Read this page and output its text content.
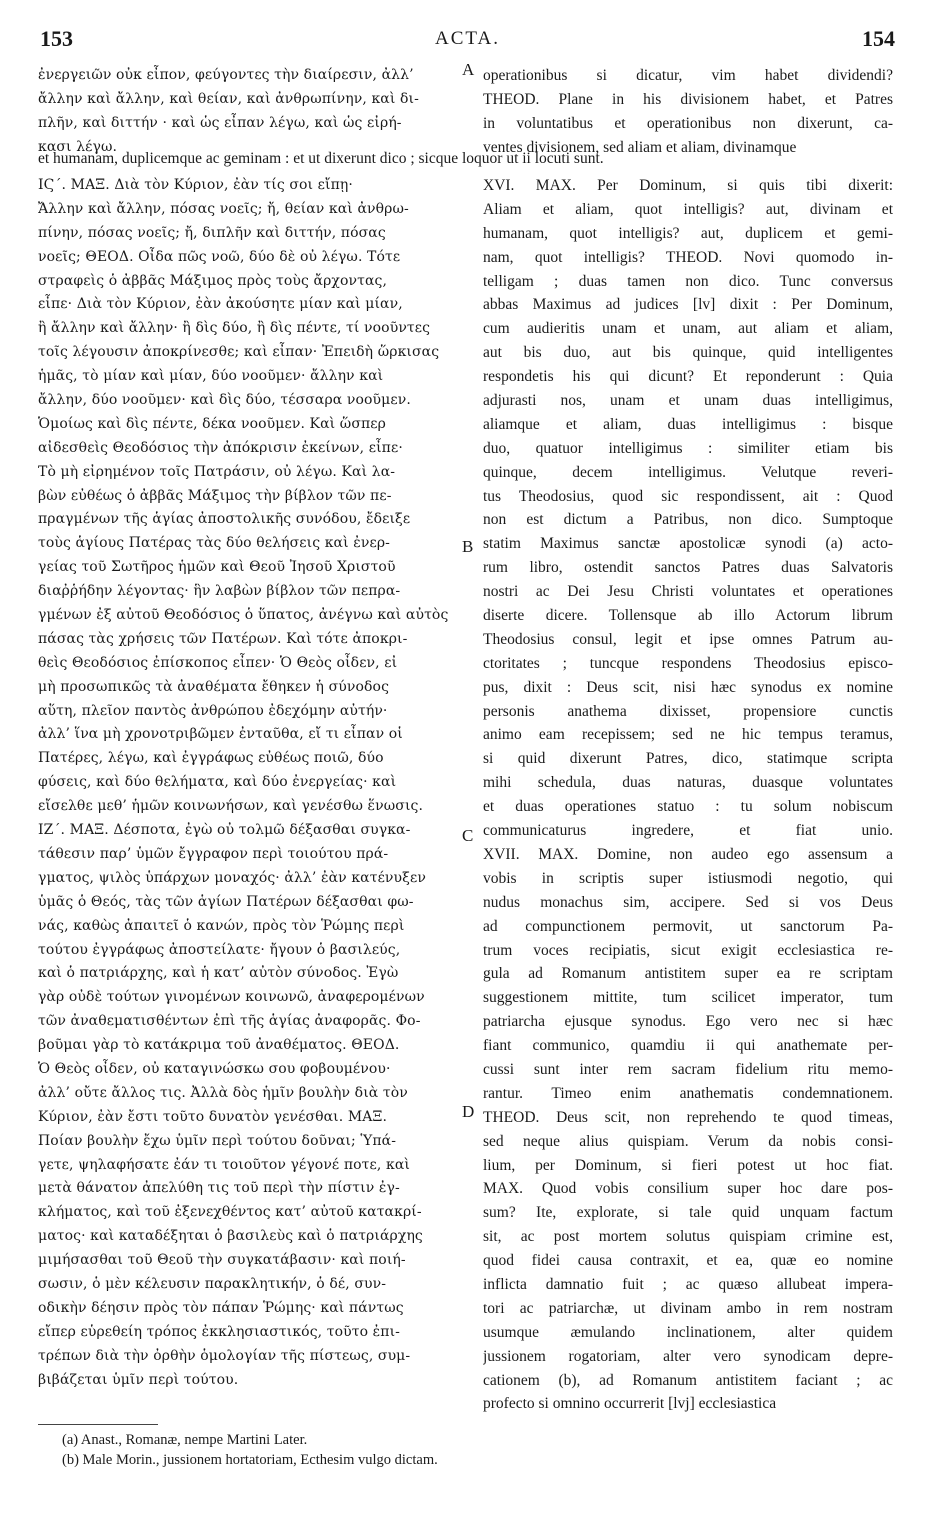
153	ACTA.	154
A
B
C
D
ἐνεργειῶν οὐκ εἶπον, φεύγοντες τὴν διαίρεσιν, ἀλλ’
ἄλλην καὶ ἄλλην, καὶ θείαν, καὶ ἀνθρωπίνην, καὶ δι-
πλῆν, καὶ διττήν · καὶ ὡς εἶπαν λέγω, καὶ ὡς εἰρή-
κασι λέγω.
operationibus si dicatur, vim habet dividendi?
THEOD. Plane in his divisionem habet, et Patres
in voluntatibus et operationibus non dixerunt, ca-
ventes divisionem, sed aliam et aliam, divinamque
et humanam, duplicemque ac geminam : et ut dixerunt dico ; sicque loquor ut ii locuti sunt.
ΙϚ΄. ΜΑΞ. Διὰ τὸν Κύριον, ἐὰν τίς σοι εἴπῃ·
Ἄλλην καὶ ἄλλην, πόσας νοεῖς; ἤ, θείαν καὶ ἀνθρω-
πίνην, πόσας νοεῖς; ἤ, διπλῆν καὶ διττήν, πόσας
νοεῖς; ΘΕΟΔ. Οἶδα πῶς νοῶ, δύο δὲ οὐ λέγω. Τότε
στραφεὶς ὁ ἀββᾶς Μάξιμος πρὸς τοὺς ἄρχοντας,
εἶπε· Διὰ τὸν Κύριον, ἐὰν ἀκούσητε μίαν καὶ μίαν,
ἢ ἄλλην καὶ ἄλλην· ἢ δὶς δύο, ἢ δὶς πέντε, τί νοοῦντες
τοῖς λέγουσιν ἀποκρίνεσθε; καὶ εἶπαν· Ἐπειδὴ ὥρκισας
ἡμᾶς, τὸ μίαν καὶ μίαν, δύο νοοῦμεν· ἄλλην καὶ
ἄλλην, δύο νοοῦμεν· καὶ δὶς δύο, τέσσαρα νοοῦμεν.
Ὁμοίως καὶ δὶς πέντε, δέκα νοοῦμεν. Καὶ ὥσπερ
αἰδεσθεὶς Θεοδόσιος τὴν ἀπόκρισιν ἐκείνων, εἶπε·
Τὸ μὴ εἰρημένον τοῖς Πατράσιν, οὐ λέγω. Καὶ λα-
βὼν εὐθέως ὁ ἀββᾶς Μάξιμος τὴν βίβλον τῶν πε-
πραγμένων τῆς ἁγίας ἀποστολικῆς συνόδου, ἔδειξε
τοὺς ἁγίους Πατέρας τὰς δύο θελήσεις καὶ ἐνερ-
γείας τοῦ Σωτῆρος ἡμῶν καὶ Θεοῦ Ἰησοῦ Χριστοῦ
διαῤῥήδην λέγοντας· ἣν λαβὼν βίβλον τῶν πεπρα-
γμένων ἐξ αὐτοῦ Θεοδόσιος ὁ ὕπατος, ἀνέγνω καὶ αὐτὸς
πάσας τὰς χρήσεις τῶν Πατέρων. Καὶ τότε ἀποκρι-
θεὶς Θεοδόσιος ἐπίσκοπος εἶπεν· Ὁ Θεὸς οἶδεν, εἰ
μὴ προσωπικῶς τὰ ἀναθέματα ἔθηκεν ἡ σύνοδος
αὕτη, πλεῖον παντὸς ἀνθρώπου ἐδεχόμην αὐτήν·
ἀλλ’ ἵνα μὴ χρονοτριβῶμεν ἐνταῦθα, εἴ τι εἶπαν οἱ
Πατέρες, λέγω, καὶ ἐγγράφως εὐθέως ποιῶ, δύο
φύσεις, καὶ δύο θελήματα, καὶ δύο ἐνεργείας· καὶ
εἴσελθε μεθ’ ἡμῶν κοινωνήσων, καὶ γενέσθω ἕνωσις.
ΙΖ΄. ΜΑΞ. Δέσποτα, ἐγὼ οὐ τολμῶ δέξασθαι συγκα-
τάθεσιν παρ’ ὑμῶν ἔγγραφον περὶ τοιούτου πρά-
γματος, ψιλὸς ὑπάρχων μοναχός· ἀλλ’ ἐὰν κατένυξεν
ὑμᾶς ὁ Θεός, τὰς τῶν ἁγίων Πατέρων δέξασθαι φω-
νάς, καθὼς ἀπαιτεῖ ὁ κανών, πρὸς τὸν Ῥώμης περὶ
τούτου ἐγγράφως ἀποστείλατε· ἤγουν ὁ βασιλεύς,
καὶ ὁ πατριάρχης, καὶ ἡ κατ’ αὐτὸν σύνοδος. Ἐγὼ
γὰρ οὐδὲ τούτων γινομένων κοινωνῶ, ἀναφερομένων
τῶν ἀναθεματισθέντων ἐπὶ τῆς ἁγίας ἀναφορᾶς. Φο-
βοῦμαι γὰρ τὸ κατάκριμα τοῦ ἀναθέματος. ΘΕΟΔ.
Ὁ Θεὸς οἶδεν, οὐ καταγινώσκω σου φοβουμένου·
ἀλλ’ οὔτε ἄλλος τις. Ἀλλὰ δὸς ἡμῖν βουλὴν διὰ τὸν
Κύριον, ἐὰν ἔστι τοῦτο δυνατὸν γενέσθαι. ΜΑΞ.
Ποίαν βουλὴν ἔχω ὑμῖν περὶ τούτου δοῦναι; Ὑπά-
γετε, ψηλαφήσατε ἐάν τι τοιοῦτον γέγονέ ποτε, καὶ
μετὰ θάνατον ἀπελύθη τις τοῦ περὶ τὴν πίστιν ἐγ-
κλήματος, καὶ τοῦ ἐξενεχθέντος κατ’ αὐτοῦ κατακρί-
ματος· καὶ καταδέξηται ὁ βασιλεὺς καὶ ὁ πατριάρχης
μιμήσασθαι τοῦ Θεοῦ τὴν συγκατάβασιν· καὶ ποιή-
σωσιν, ὁ μὲν κέλευσιν παρακλητικήν, ὁ δέ, συν-
οδικὴν δέησιν πρὸς τὸν πάπαν Ῥώμης· καὶ πάντως
εἴπερ εὑρεθείη τρόπος ἐκκλησιαστικός, τοῦτο ἐπι-
τρέπων διὰ τὴν ὀρθὴν ὁμολογίαν τῆς πίστεως, συμ-
βιβάζεται ὑμῖν περὶ τούτου.
XVI. MAX. Per Dominum, si quis tibi dixerit:
Aliam et aliam, quot intelligis? aut, divinam et
humanam, quot intelligis? aut, duplicem et gemi-
nam, quot intelligis? THEOD. Novi quomodo in-
telligam ; duas tamen non dico. Tunc conversus
abbas Maximus ad judices [lv] dixit : Per Dominum,
cum audieritis unam et unam, aut aliam et aliam,
aut bis duo, aut bis quinque, quid intelligentes
respondetis his qui dicunt? Et reponderunt : Quia
adjurasti nos, unam et unam duas intelligimus,
aliamque et aliam, duas intelligimus : bisque
duo, quatuor intelligimus : similiter etiam bis
quinque, decem intelligimus. Velutque reveri-
tus Theodosius, quod sic respondissent, ait : Quod
non est dictum a Patribus, non dico. Sumptoque
statim Maximus sanctæ apostolicæ synodi (a) acto-
rum libro, ostendit sanctos Patres duas Salvatoris
nostri ac Dei Jesu Christi voluntates et operationes
diserte dicere. Tollensque ab illo Actorum librum
Theodosius consul, legit et ipse omnes Patrum au-
ctoritates ; tuncque respondens Theodosius episco-
pus, dixit : Deus scit, nisi hæc synodus ex nomine
personis anathema dixisset, propensiore cunctis
animo eam recepissem; sed ne hic tempus teramus,
si quid dixerunt Patres, dico, statimque scripta
mihi schedula, duas naturas, duasque voluntates
et duas operationes statuo : tu solum nobiscum
communicaturus ingredere, et fiat unio.
XVII. MAX. Domine, non audeo ego assensum a
vobis in scriptis super istiusmodi negotio, qui
nudus monachus sim, accipere. Sed si vos Deus
ad compunctionem permovit, ut sanctorum Pa-
trum voces recipiatis, sicut exigit ecclesiastica re-
gula ad Romanum antistitem super ea re scriptam
suggestionem mittite, tum scilicet imperator, tum
patriarcha ejusque synodus. Ego vero nec si hæc
fiant communico, quamdiu ii qui anathemate per-
cussi sunt inter rem sacram fidelium ritu memo-
rantur. Timeo enim anathematis condemnationem.
THEOD. Deus scit, non reprehendo te quod timeas,
sed neque alius quispiam. Verum da nobis consi-
lium, per Dominum, si fieri potest ut hoc fiat.
MAX. Quod vobis consilium super hoc dare pos-
sum? Ite, explorate, si tale quid unquam factum
sit, ac post mortem solutus quispiam crimine est,
quod fidei causa contraxit, et ea, quæ eo nomine
inflicta damnatio fuit ; ac quæso allubeat impera-
tori ac patriarchæ, ut divinam ambo in rem nostram
usumque æmulando inclinationem, alter quidem
jussionem rogatoriam, alter vero synodicam depre-
cationem (b), ad Romanum antistitem faciant ; ac
profecto si omnino occurrerit [lvj] ecclesiastica
(a) Anast., Romanæ, nempe Martini Later.
(b) Male Morin., jussionem hortatoriam, Ecthesim vulgo dictam.
